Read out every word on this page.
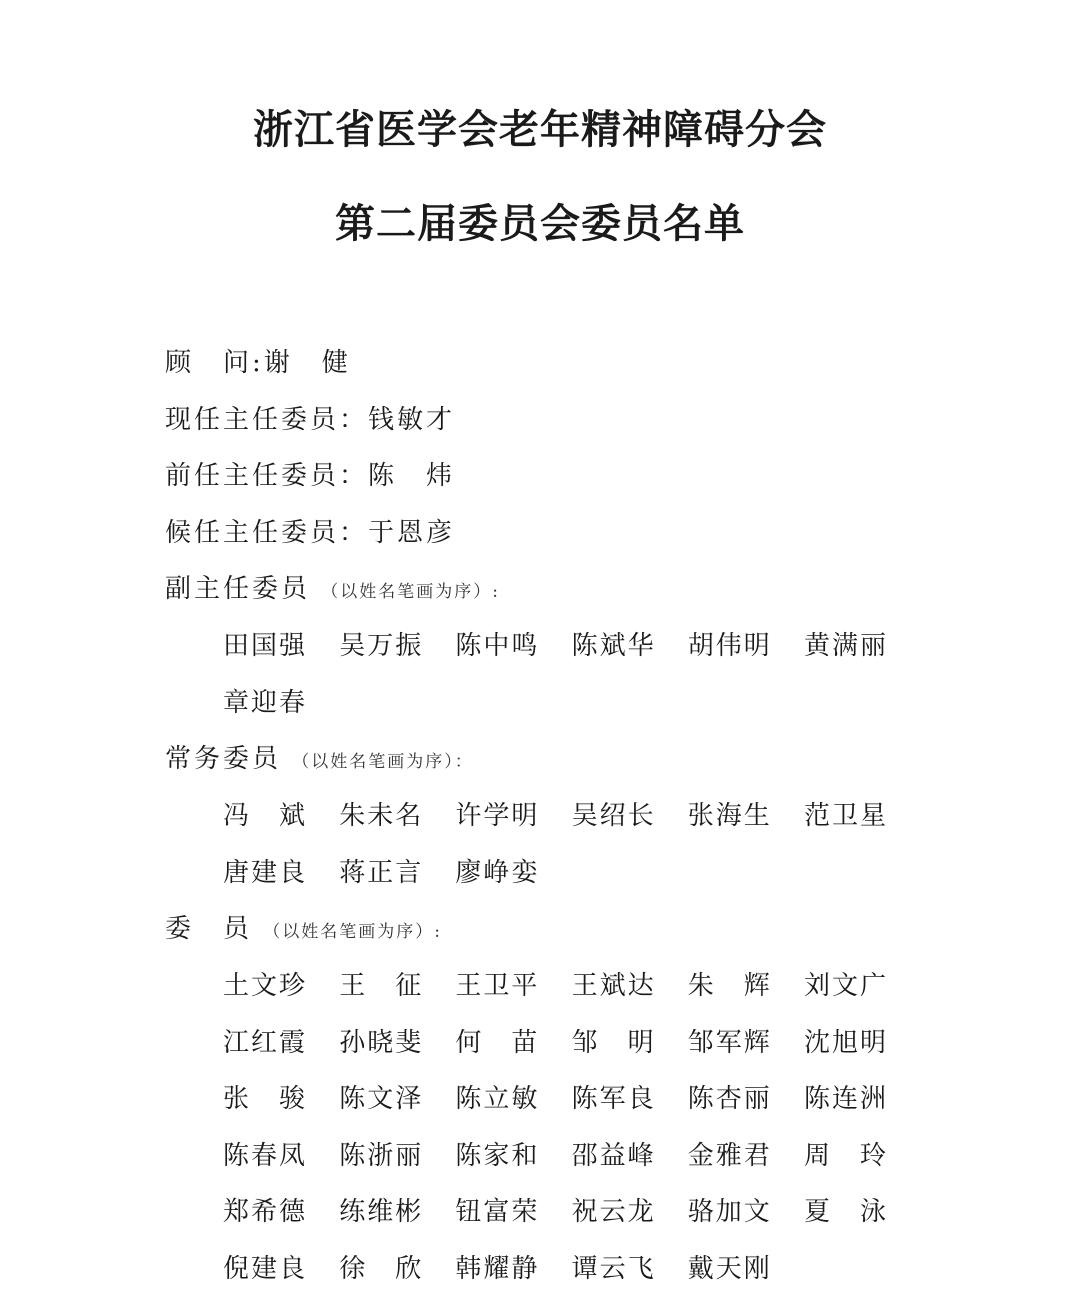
浙江省医学会老年精神障碍分会
第二届委员会委员名单
顾　问:谢　健
现任主任委员：钱敏才
前任主任委员：陈　炜
候任主任委员：于恩彦
副主任委员 （以姓名笔画为序）:
田国强	吴万振	陈中鸣	陈斌华	胡伟明	黄满丽
章迎春
常务委员 （以姓名笔画为序）：
冯　斌	朱未名	许学明	吴绍长	张海生	范卫星
唐建良	蒋正言	廖峥娈
委　员 （以姓名笔画为序）:
土文珍	王　征	王卫平	王斌达	朱　辉	刘文广
江红霞	孙晓斐	何　苗	邹　明	邹军辉	沈旭明
张　骏	陈文泽	陈立敏	陈军良	陈杏丽	陈连洲
陈春凤	陈浙丽	陈家和	邵益峰	金雅君	周　玲
郑希德	练维彬	钮富荣	祝云龙	骆加文	夏　泳
倪建良	徐　欣	韩耀静	谭云飞	戴天刚
